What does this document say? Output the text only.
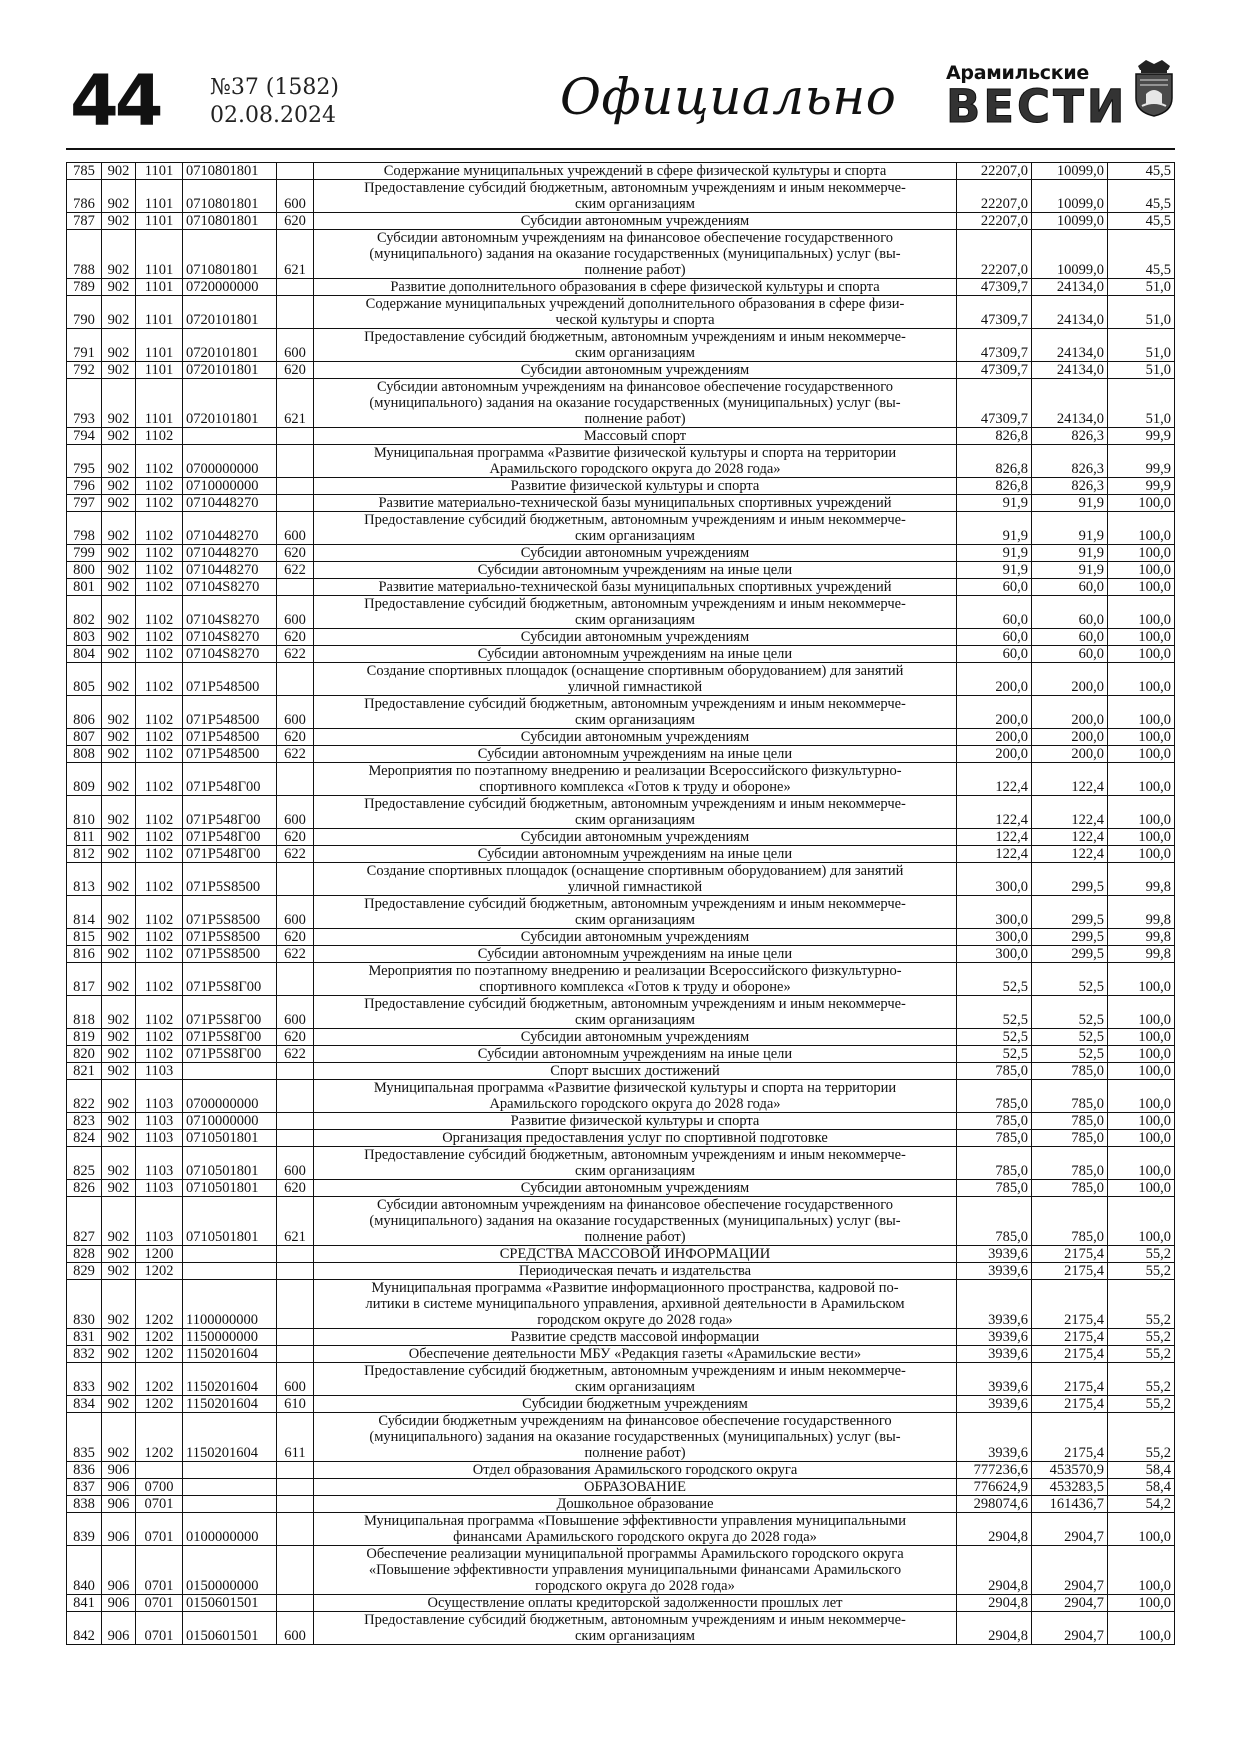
44 №37 (1582)
02.08.2024	Официально	Арамильские
ВЕСТИ
785	902	1101	0710801801		Содержание муниципальных учреждений в сфере физической культуры и спорта	22207,0	10099,0	45,5
786	902	1101	0710801801	600	Предоставление субсидий бюджетным, автономным учреждениям и иным некоммерче-
ским организациям	22207,0	10099,0	45,5
787	902	1101	0710801801	620	Субсидии автономным учреждениям	22207,0	10099,0	45,5
788	902	1101	0710801801	621	Субсидии автономным учреждениям на финансовое обеспечение государственного
(муниципального) задания на оказание государственных (муниципальных) услуг (вы-
полнение работ)	22207,0	10099,0	45,5
789	902	1101	0720000000		Развитие дополнительного образования в сфере физической культуры и спорта	47309,7	24134,0	51,0
790	902	1101	0720101801		Содержание муниципальных учреждений дополнительного образования в сфере физи-
ческой культуры и спорта	47309,7	24134,0	51,0
791	902	1101	0720101801	600	Предоставление субсидий бюджетным, автономным учреждениям и иным некоммерче-
ским организациям	47309,7	24134,0	51,0
792	902	1101	0720101801	620	Субсидии автономным учреждениям	47309,7	24134,0	51,0
793	902	1101	0720101801	621	Субсидии автономным учреждениям на финансовое обеспечение государственного
(муниципального) задания на оказание государственных (муниципальных) услуг (вы-
полнение работ)	47309,7	24134,0	51,0
794	902	1102			Массовый спорт	826,8	826,3	99,9
795	902	1102	0700000000		Муниципальная программа «Развитие физической культуры и спорта на территории
Арамильского городского округа до 2028 года»	826,8	826,3	99,9
796	902	1102	0710000000		Развитие физической культуры и спорта	826,8	826,3	99,9
797	902	1102	0710448270		Развитие материально-технической базы муниципальных спортивных учреждений	91,9	91,9	100,0
798	902	1102	0710448270	600	Предоставление субсидий бюджетным, автономным учреждениям и иным некоммерче-
ским организациям	91,9	91,9	100,0
799	902	1102	0710448270	620	Субсидии автономным учреждениям	91,9	91,9	100,0
800	902	1102	0710448270	622	Субсидии автономным учреждениям на иные цели	91,9	91,9	100,0
801	902	1102	07104S8270		Развитие материально-технической базы муниципальных спортивных учреждений	60,0	60,0	100,0
802	902	1102	07104S8270	600	Предоставление субсидий бюджетным, автономным учреждениям и иным некоммерче-
ским организациям	60,0	60,0	100,0
803	902	1102	07104S8270	620	Субсидии автономным учреждениям	60,0	60,0	100,0
804	902	1102	07104S8270	622	Субсидии автономным учреждениям на иные цели	60,0	60,0	100,0
805	902	1102	071P548500		Создание спортивных площадок (оснащение спортивным оборудованием) для занятий
уличной гимнастикой	200,0	200,0	100,0
806	902	1102	071P548500	600	Предоставление субсидий бюджетным, автономным учреждениям и иным некоммерче-
ским организациям	200,0	200,0	100,0
807	902	1102	071P548500	620	Субсидии автономным учреждениям	200,0	200,0	100,0
808	902	1102	071P548500	622	Субсидии автономным учреждениям на иные цели	200,0	200,0	100,0
809	902	1102	071P548Г00		Мероприятия по поэтапному внедрению и реализации Всероссийского физкультурно-
спортивного комплекса «Готов к труду и обороне»	122,4	122,4	100,0
810	902	1102	071P548Г00	600	Предоставление субсидий бюджетным, автономным учреждениям и иным некоммерче-
ским организациям	122,4	122,4	100,0
811	902	1102	071P548Г00	620	Субсидии автономным учреждениям	122,4	122,4	100,0
812	902	1102	071P548Г00	622	Субсидии автономным учреждениям на иные цели	122,4	122,4	100,0
813	902	1102	071P5S8500		Создание спортивных площадок (оснащение спортивным оборудованием) для занятий
уличной гимнастикой	300,0	299,5	99,8
814	902	1102	071P5S8500	600	Предоставление субсидий бюджетным, автономным учреждениям и иным некоммерче-
ским организациям	300,0	299,5	99,8
815	902	1102	071P5S8500	620	Субсидии автономным учреждениям	300,0	299,5	99,8
816	902	1102	071P5S8500	622	Субсидии автономным учреждениям на иные цели	300,0	299,5	99,8
817	902	1102	071P5S8Г00		Мероприятия по поэтапному внедрению и реализации Всероссийского физкультурно-
спортивного комплекса «Готов к труду и обороне»	52,5	52,5	100,0
818	902	1102	071P5S8Г00	600	Предоставление субсидий бюджетным, автономным учреждениям и иным некоммерче-
ским организациям	52,5	52,5	100,0
819	902	1102	071P5S8Г00	620	Субсидии автономным учреждениям	52,5	52,5	100,0
820	902	1102	071P5S8Г00	622	Субсидии автономным учреждениям на иные цели	52,5	52,5	100,0
821	902	1103			Спорт высших достижений	785,0	785,0	100,0
822	902	1103	0700000000		Муниципальная программа «Развитие физической культуры и спорта на территории
Арамильского городского округа до 2028 года»	785,0	785,0	100,0
823	902	1103	0710000000		Развитие физической культуры и спорта	785,0	785,0	100,0
824	902	1103	0710501801		Организация предоставления услуг по спортивной подготовке	785,0	785,0	100,0
825	902	1103	0710501801	600	Предоставление субсидий бюджетным, автономным учреждениям и иным некоммерче-
ским организациям	785,0	785,0	100,0
826	902	1103	0710501801	620	Субсидии автономным учреждениям	785,0	785,0	100,0
827	902	1103	0710501801	621	Субсидии автономным учреждениям на финансовое обеспечение государственного
(муниципального) задания на оказание государственных (муниципальных) услуг (вы-
полнение работ)	785,0	785,0	100,0
828	902	1200			СРЕДСТВА МАССОВОЙ ИНФОРМАЦИИ	3939,6	2175,4	55,2
829	902	1202			Периодическая печать и издательства	3939,6	2175,4	55,2
830	902	1202	1100000000		Муниципальная программа «Развитие информационного пространства, кадровой по-
литики в системе муниципального управления, архивной деятельности в Арамильском
городском округе до 2028 года»	3939,6	2175,4	55,2
831	902	1202	1150000000		Развитие средств массовой информации	3939,6	2175,4	55,2
832	902	1202	1150201604		Обеспечение деятельности МБУ «Редакция газеты «Арамильские вести»	3939,6	2175,4	55,2
833	902	1202	1150201604	600	Предоставление субсидий бюджетным, автономным учреждениям и иным некоммерче-
ским организациям	3939,6	2175,4	55,2
834	902	1202	1150201604	610	Субсидии бюджетным учреждениям	3939,6	2175,4	55,2
835	902	1202	1150201604	611	Субсидии бюджетным учреждениям на финансовое обеспечение государственного
(муниципального) задания на оказание государственных (муниципальных) услуг (вы-
полнение работ)	3939,6	2175,4	55,2
836	906				Отдел образования Арамильского городского округа	777236,6	453570,9	58,4
837	906	0700			ОБРАЗОВАНИЕ	776624,9	453283,5	58,4
838	906	0701			Дошкольное образование	298074,6	161436,7	54,2
839	906	0701	0100000000		Муниципальная программа «Повышение эффективности управления муниципальными
финансами Арамильского городского округа до 2028 года»	2904,8	2904,7	100,0
840	906	0701	0150000000		Обеспечение реализации муниципальной программы Арамильского городского округа
«Повышение эффективности управления муниципальными финансами Арамильского
городского округа до 2028 года»	2904,8	2904,7	100,0
841	906	0701	0150601501		Осуществление оплаты кредиторской задолженности прошлых лет	2904,8	2904,7	100,0
842	906	0701	0150601501	600	Предоставление субсидий бюджетным, автономным учреждениям и иным некоммерче-
ским организациям	2904,8	2904,7	100,0
